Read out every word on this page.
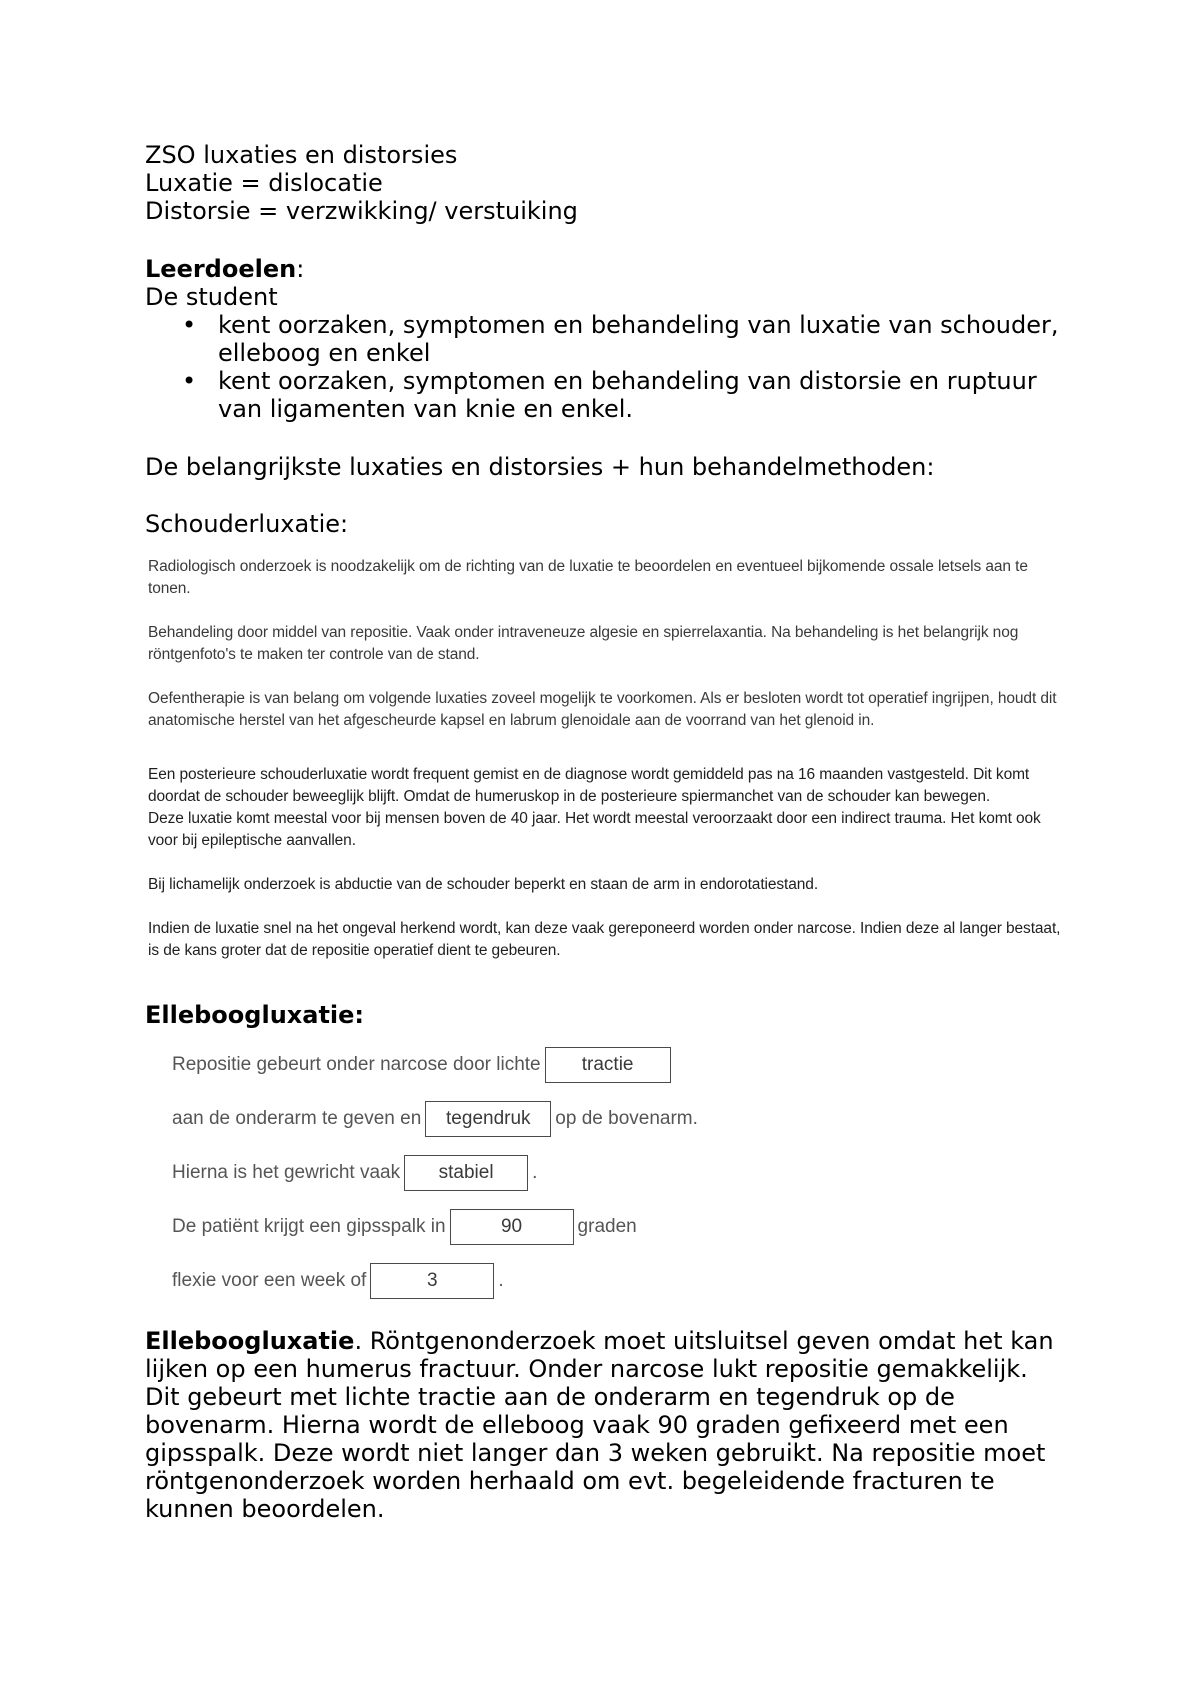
ZSO luxaties en distorsies

Luxatie = dislocatie

Distorsie = verzwikking/ verstuiking

Leerdoelen:

De student

• kent oorzaken, symptomen en behandeling van luxatie van schouder, elleboog en enkel
• kent oorzaken, symptomen en behandeling van distorsie en ruptuur van ligamenten van knie en enkel.

De belangrijkste luxaties en distorsies + hun behandelmethoden:

Schouderluxatie:

Radiologisch onderzoek is noodzakelijk om de richting van de luxatie te beoordelen en eventueel bijkomende ossale letsels aan te

tonen.

Behandeling door middel van repositie. Vaak onder intraveneuze algesie en spierrelaxantia. Na behandeling is het belangrijk nog

röntgenfoto's te maken ter controle van de stand.

Oefentherapie is van belang om volgende luxaties zoveel mogelijk te voorkomen. Als er besloten wordt tot operatief ingrijpen, houdt dit

anatomische herstel van het afgescheurde kapsel en labrum glenoidale aan de voorrand van het glenoid in.

Een posterieure schouderluxatie wordt frequent gemist en de diagnose wordt gemiddeld pas na 16 maanden vastgesteld. Dit komt

doordat de schouder beweeglijk blijft. Omdat de humeruskop in de posterieure spiermanchet van de schouder kan bewegen.

Deze luxatie komt meestal voor bij mensen boven de 40 jaar. Het wordt meestal veroorzaakt door een indirect trauma. Het komt ook

voor bij epileptische aanvallen.

Bij lichamelijk onderzoek is abductie van de schouder beperkt en staan de arm in endorotatiestand.

Indien de luxatie snel na het ongeval herkend wordt, kan deze vaak gereponeerd worden onder narcose. Indien deze al langer bestaat,

is de kans groter dat de repositie operatief dient te gebeuren.

Elleboogluxatie:

Repositie gebeurt onder narcose door lichte	tractie
aan de onderarm te geven en	tegendruk	op de bovenarm.
Hierna is het gewricht vaak	stabiel	.
De patiënt krijgt een gipsspalk in	90	graden
flexie voor een week of	3	.

Elleboogluxatie. Röntgenonderzoek moet uitsluitsel geven omdat het kan lijken op een humerus fractuur. Onder narcose lukt repositie gemakkelijk. Dit gebeurt met lichte tractie aan de onderarm en tegendruk op de bovenarm. Hierna wordt de elleboog vaak 90 graden gefixeerd met een gipsspalk. Deze wordt niet langer dan 3 weken gebruikt. Na repositie moet röntgenonderzoek worden herhaald om evt. begeleidende fracturen te kunnen beoordelen.
